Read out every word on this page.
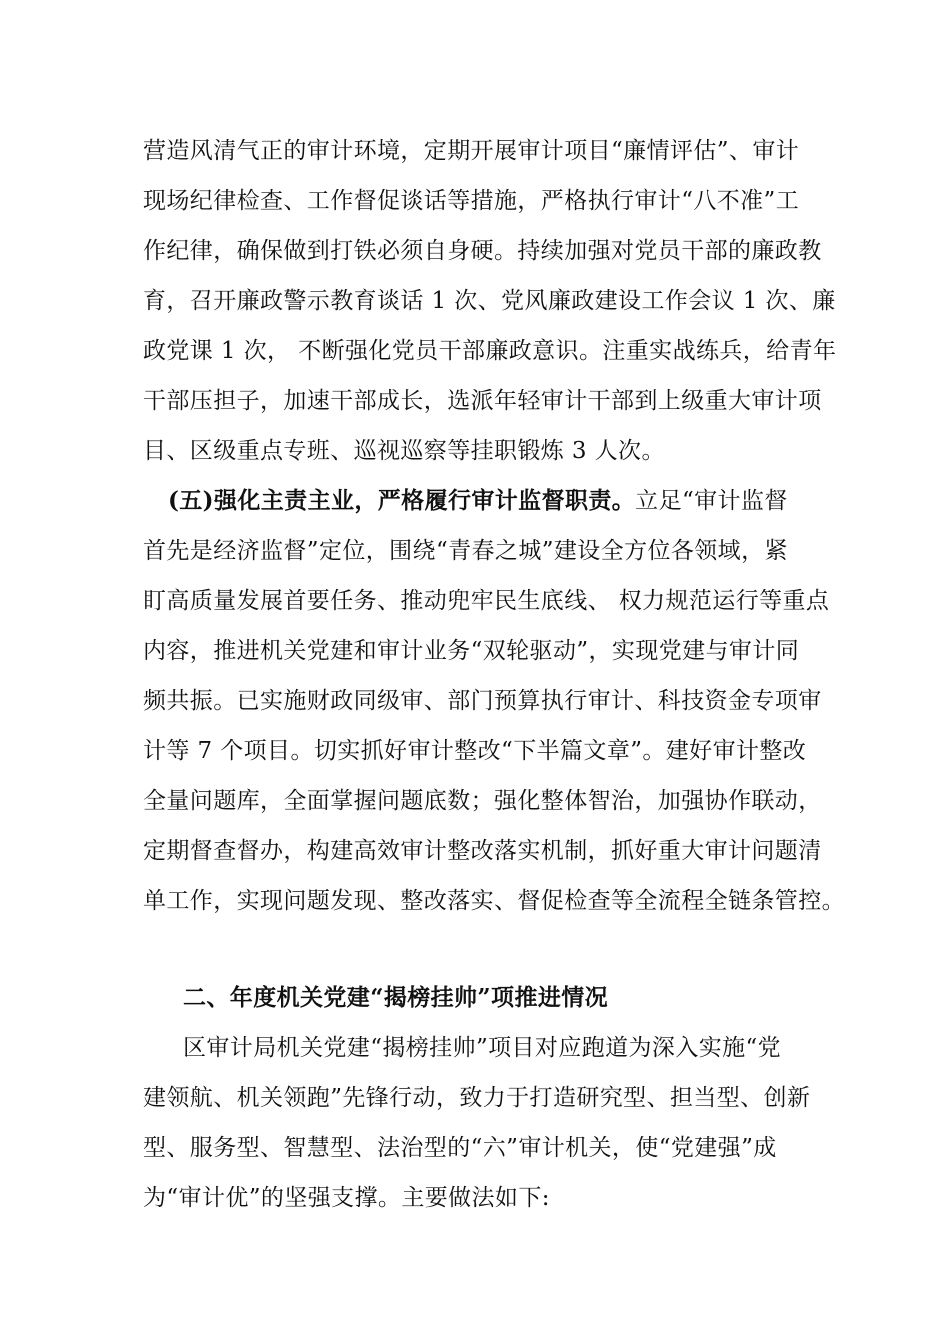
营造风清气正的审计环境，定期开展审计项目“廉情评估”、审计
现场纪律检查、工作督促谈话等措施，严格执行审计“八不准”工
作纪律，确保做到打铁必须自身硬。持续加强对党员干部的廉政教
育，召开廉政警示教育谈话 1 次、党风廉政建设工作会议 1 次、廉
政党课 1 次， 不断强化党员干部廉政意识。注重实战练兵，给青年
干部压担子，加速干部成长，选派年轻审计干部到上级重大审计项
目、区级重点专班、巡视巡察等挂职锻炼 3 人次。
(五)强化主责主业，严格履行审计监督职责。立足“审计监督
首先是经济监督”定位，围绕“青春之城”建设全方位各领域，紧
盯高质量发展首要任务、推动兜牢民生底线、 权力规范运行等重点
内容，推进机关党建和审计业务“双轮驱动”，实现党建与审计同
频共振。已实施财政同级审、部门预算执行审计、科技资金专项审
计等 7 个项目。切实抓好审计整改“下半篇文章”。建好审计整改
全量问题库，全面掌握问题底数；强化整体智治，加强协作联动，
定期督查督办，构建高效审计整改落实机制，抓好重大审计问题清
单工作，实现问题发现、整改落实、督促检查等全流程全链条管控。
二、年度机关党建“揭榜挂帅”项推进情况
区审计局机关党建“揭榜挂帅”项目对应跑道为深入实施“党
建领航、机关领跑”先锋行动，致力于打造研究型、担当型、创新
型、服务型、智慧型、法治型的“六”审计机关，使“党建强”成
为“审计优”的坚强支撑。主要做法如下:
